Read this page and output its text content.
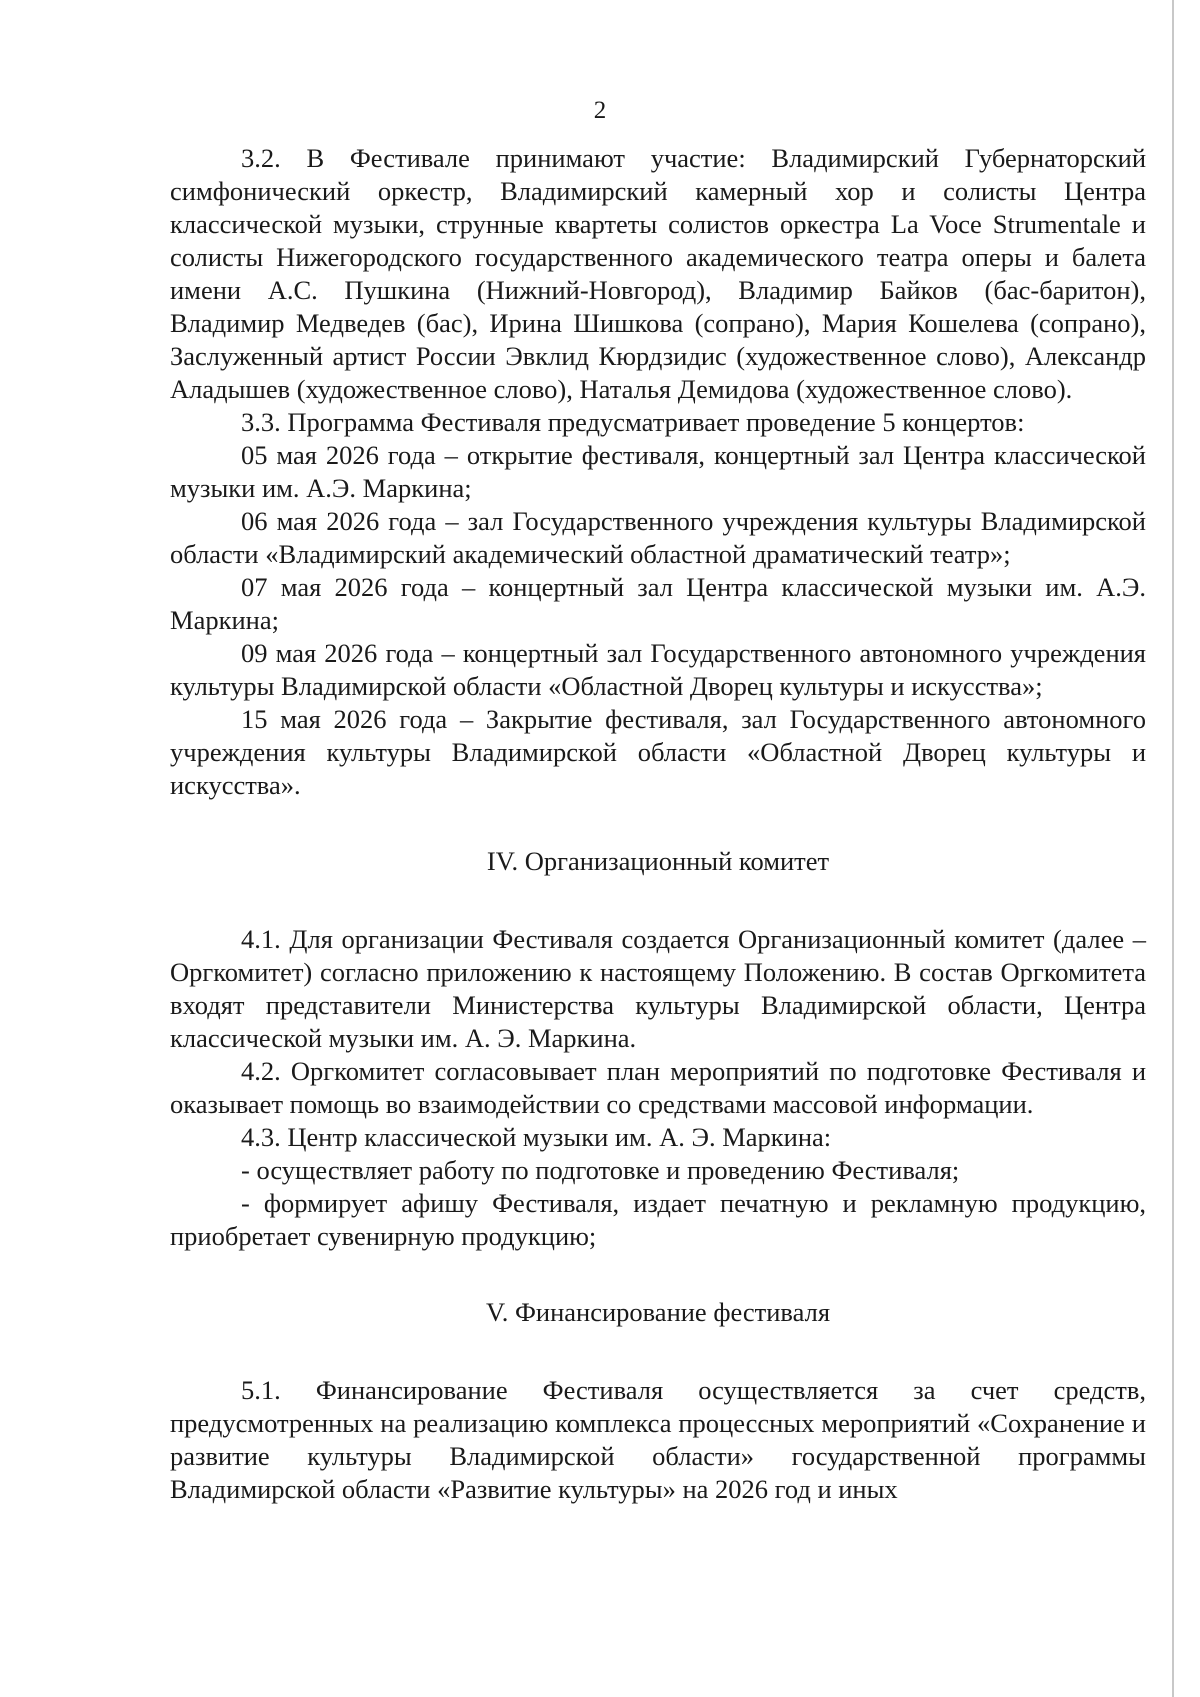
2

3.2. В Фестивале принимают участие: Владимирский Губернаторский симфонический оркестр, Владимирский камерный хор и солисты Центра классической музыки, струнные квартеты солистов оркестра La Voce Strumentale и солисты Нижегородского государственного академического театра оперы и балета имени А.С. Пушкина (Нижний-Новгород), Владимир Байков (бас-баритон), Владимир Медведев (бас), Ирина Шишкова (сопрано), Мария Кошелева (сопрано), Заслуженный артист России Эвклид Кюрдзидис (художественное слово), Александр Аладышев (художественное слово), Наталья Демидова (художественное слово).

3.3. Программа Фестиваля предусматривает проведение 5 концертов:

05 мая 2026 года – открытие фестиваля, концертный зал Центра классической музыки им. А.Э. Маркина;

06 мая 2026 года – зал Государственного учреждения культуры Владимирской области «Владимирский академический областной драматический театр»;

07 мая 2026 года – концертный зал Центра классической музыки им. А.Э. Маркина;

09 мая 2026 года – концертный зал Государственного автономного учреждения культуры Владимирской области «Областной Дворец культуры и искусства»;

15 мая 2026 года – Закрытие фестиваля, зал Государственного автономного учреждения культуры Владимирской области «Областной Дворец культуры и искусства».

IV. Организационный комитет

4.1. Для организации Фестиваля создается Организационный комитет (далее – Оргкомитет) согласно приложению к настоящему Положению. В состав Оргкомитета входят представители Министерства культуры Владимирской области, Центра классической музыки им. А. Э. Маркина.

4.2. Оргкомитет согласовывает план мероприятий по подготовке Фестиваля и оказывает помощь во взаимодействии со средствами массовой информации.

4.3. Центр классической музыки им. А. Э. Маркина:

- осуществляет работу по подготовке и проведению Фестиваля;

- формирует афишу Фестиваля, издает печатную и рекламную продукцию, приобретает сувенирную продукцию;

V. Финансирование фестиваля

5.1. Финансирование Фестиваля осуществляется за счет средств, предусмотренных на реализацию комплекса процессных мероприятий «Сохранение и развитие культуры Владимирской области» государственной программы Владимирской области «Развитие культуры» на 2026 год и иных
